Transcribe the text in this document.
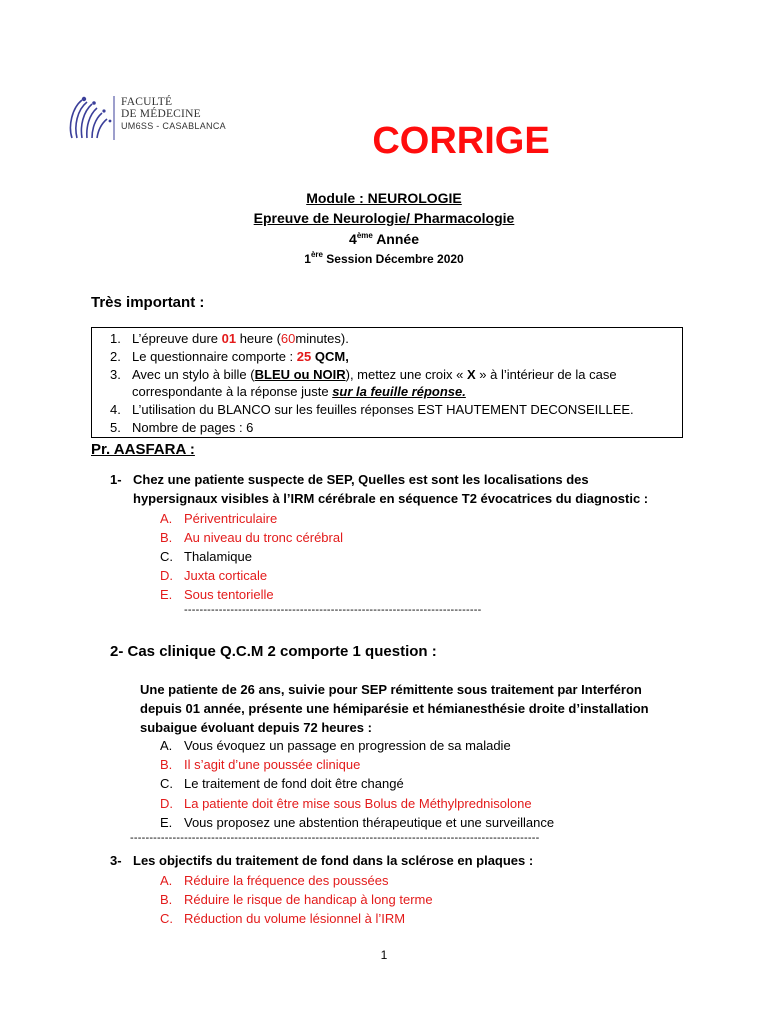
FACULTÉ
DE MÉDECINE
UM6SS - CASABLANCA	CORRIGE
Module : NEUROLOGIE
Epreuve de Neurologie/ Pharmacologie
4ème Année
1ère Session Décembre 2020
Très important :
1. L’épreuve dure 01 heure (60minutes).
2. Le questionnaire comporte : 25 QCM,
3. Avec un stylo à bille (BLEU ou NOIR), mettez une croix « X » à l’intérieur de la case
correspondante à la réponse juste sur la feuille réponse.
4. L’utilisation du BLANCO sur les feuilles réponses EST HAUTEMENT DECONSEILLEE.
5. Nombre de pages : 6
Pr. AASFARA :
1- Chez une patiente suspecte de SEP, Quelles est sont les localisations des
hypersignaux visibles à l’IRM cérébrale en séquence T2 évocatrices du diagnostic :
A. Périventriculaire
B. Au niveau du tronc cérébral
C. Thalamique
D. Juxta corticale
E. Sous tentorielle
-----------------------------------------------------------------------------
2- Cas clinique Q.C.M 2 comporte 1 question :
Une patiente de 26 ans, suivie pour SEP rémittente sous traitement par Interféron
depuis 01 année, présente une hémiparésie et hémianesthésie droite d’installation
subaigue évoluant depuis 72 heures :
A. Vous évoquez un passage en progression de sa maladie
B. Il s’agit d’une poussée clinique
C. Le traitement de fond doit être changé
D. La patiente doit être mise sous Bolus de Méthylprednisolone
E. Vous proposez une abstention thérapeutique et une surveillance
----------------------------------------------------------------------------------------------------------
3- Les objectifs du traitement de fond dans la sclérose en plaques :
A. Réduire la fréquence des poussées
B. Réduire le risque de handicap à long terme
C. Réduction du volume lésionnel à l’IRM
1
